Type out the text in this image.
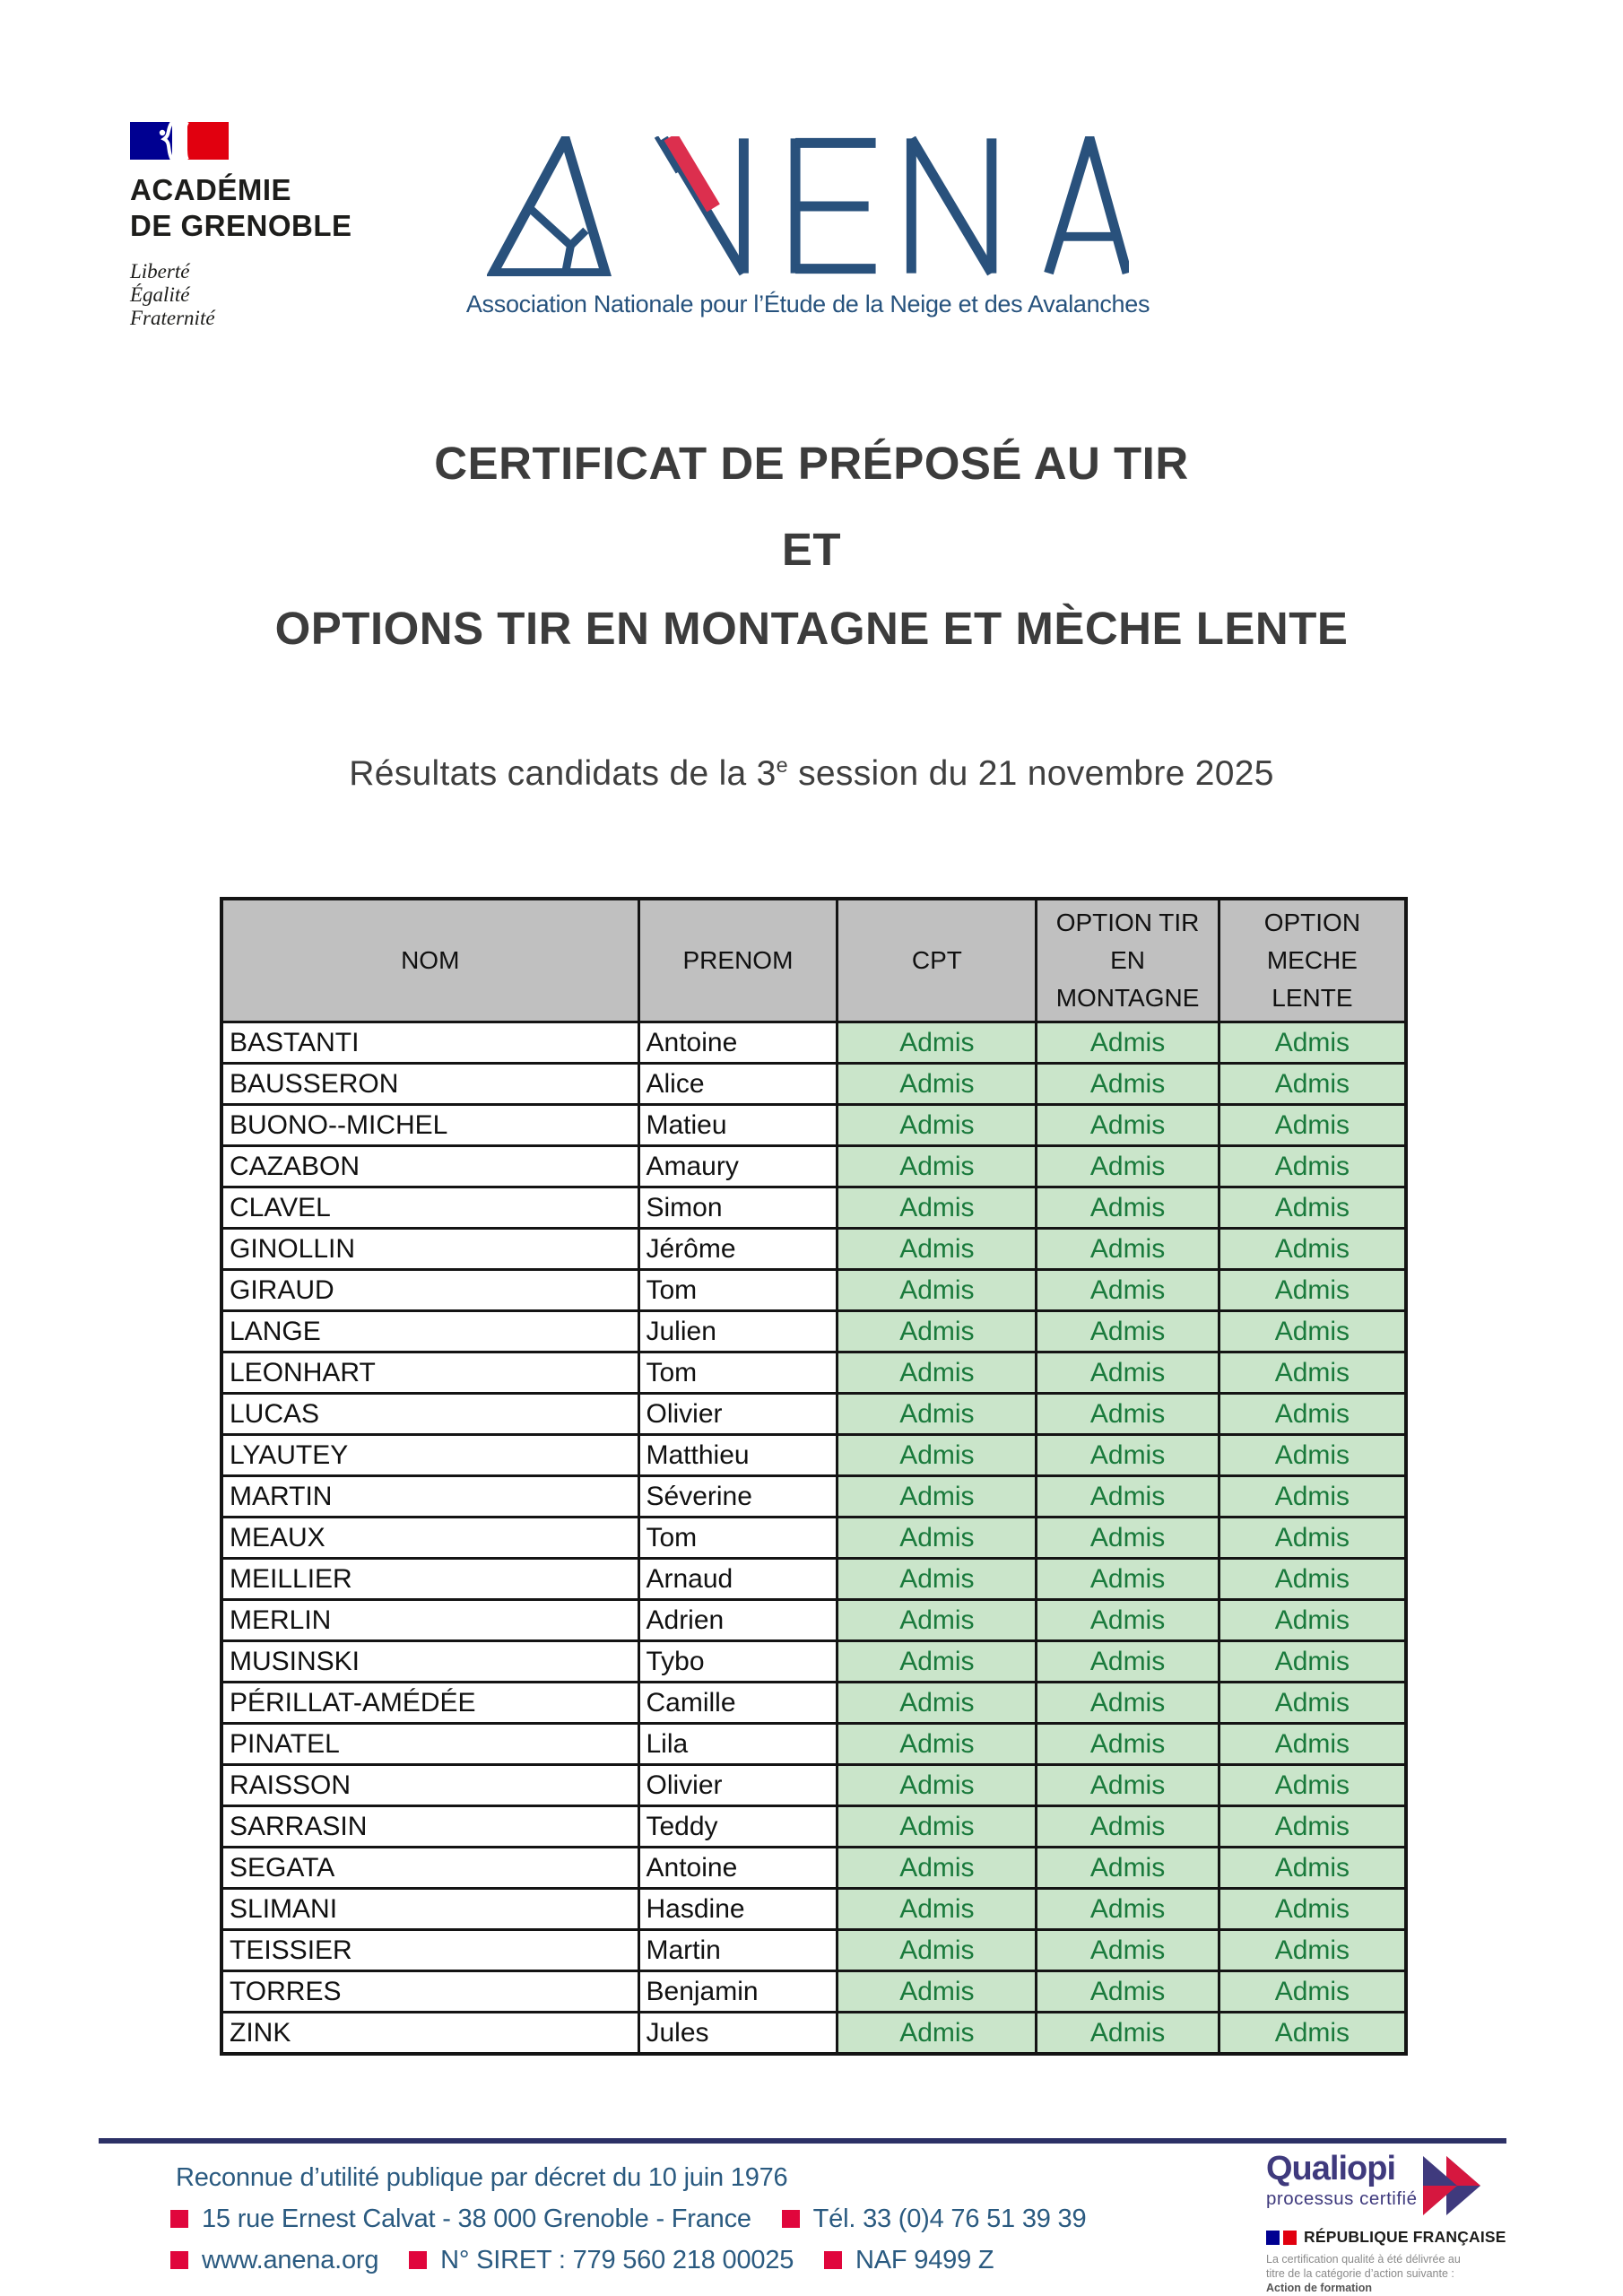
ACADÉMIE
DE GRENOBLE
Liberté
Égalité
Fraternité
Association Nationale pour l’Étude de la Neige et des Avalanches
CERTIFICAT DE PRÉPOSÉ AU TIR
ET
OPTIONS TIR EN MONTAGNE ET MÈCHE LENTE
Résultats candidats de la 3e session du 21 novembre 2025
NOM	PRENOM	CPT	OPTION TIR EN MONTAGNE	OPTION MECHE LENTE
BASTANTI	Antoine	Admis	Admis	Admis
BAUSSERON	Alice	Admis	Admis	Admis
BUONO--MICHEL	Matieu	Admis	Admis	Admis
CAZABON	Amaury	Admis	Admis	Admis
CLAVEL	Simon	Admis	Admis	Admis
GINOLLIN	Jérôme	Admis	Admis	Admis
GIRAUD	Tom	Admis	Admis	Admis
LANGE	Julien	Admis	Admis	Admis
LEONHART	Tom	Admis	Admis	Admis
LUCAS	Olivier	Admis	Admis	Admis
LYAUTEY	Matthieu	Admis	Admis	Admis
MARTIN	Séverine	Admis	Admis	Admis
MEAUX	Tom	Admis	Admis	Admis
MEILLIER	Arnaud	Admis	Admis	Admis
MERLIN	Adrien	Admis	Admis	Admis
MUSINSKI	Tybo	Admis	Admis	Admis
PÉRILLAT-AMÉDÉE	Camille	Admis	Admis	Admis
PINATEL	Lila	Admis	Admis	Admis
RAISSON	Olivier	Admis	Admis	Admis
SARRASIN	Teddy	Admis	Admis	Admis
SEGATA	Antoine	Admis	Admis	Admis
SLIMANI	Hasdine	Admis	Admis	Admis
TEISSIER	Martin	Admis	Admis	Admis
TORRES	Benjamin	Admis	Admis	Admis
ZINK	Jules	Admis	Admis	Admis
Reconnue d’utilité publique par décret du 10 juin 1976
15 rue Ernest Calvat - 38 000 Grenoble - France Tél. 33 (0)4 76 51 39 39
www.anena.org N° SIRET : 779 560 218 00025 NAF 9499 Z
Qualiopi
processus certifié
RÉPUBLIQUE FRANÇAISE
La certification qualité à été délivrée au
titre de la catégorie d’action suivante :
Action de formation
